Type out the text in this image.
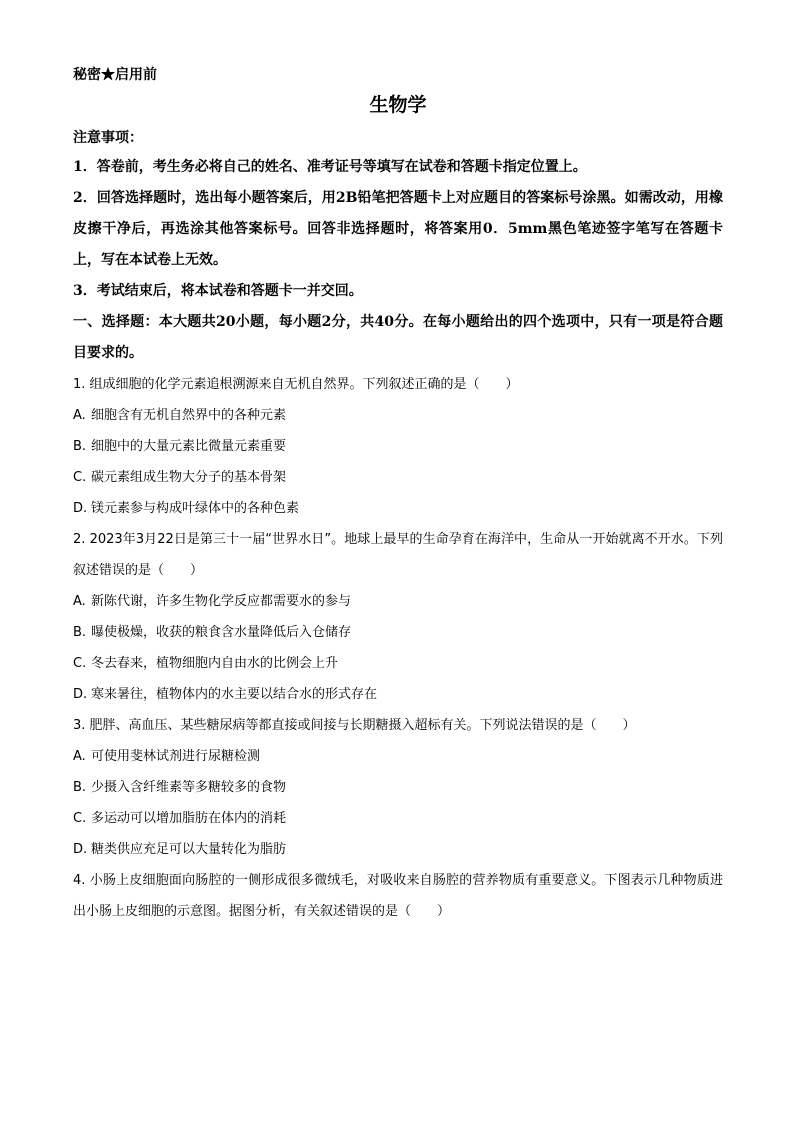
秘密★启用前
生物学
注意事项：
1．答卷前，考生务必将自己的姓名、准考证号等填写在试卷和答题卡指定位置上。
2．回答选择题时，选出每小题答案后，用2B铅笔把答题卡上对应题目的答案标号涂黑。如需改动，用橡皮擦干净后，再选涂其他答案标号。回答非选择题时，将答案用0．5mm黑色笔迹签字笔写在答题卡上，写在本试卷上无效。
3．考试结束后，将本试卷和答题卡一并交回。
一、选择题：本大题共20小题，每小题2分，共40分。在每小题给出的四个选项中，只有一项是符合题目要求的。
1. 组成细胞的化学元素追根溯源来自无机自然界。下列叙述正确的是（　　）
A. 细胞含有无机自然界中的各种元素
B. 细胞中的大量元素比微量元素重要
C. 碳元素组成生物大分子的基本骨架
D. 镁元素参与构成叶绿体中的各种色素
2. 2023年3月22日是第三十一届“世界水日”。地球上最早的生命孕育在海洋中，生命从一开始就离不开水。下列叙述错误的是（　　）
A. 新陈代谢，许多生物化学反应都需要水的参与
B. 曝使极燥，收获的粮食含水量降低后入仓储存
C. 冬去春来，植物细胞内自由水的比例会上升
D. 寒来暑往，植物体内的水主要以结合水的形式存在
3. 肥胖、高血压、某些糖尿病等都直接或间接与长期糖摄入超标有关。下列说法错误的是（　　）
A. 可使用斐林试剂进行尿糖检测
B. 少摄入含纤维素等多糖较多的食物
C. 多运动可以增加脂肪在体内的消耗
D. 糖类供应充足可以大量转化为脂肪
4. 小肠上皮细胞面向肠腔的一侧形成很多微绒毛，对吸收来自肠腔的营养物质有重要意义。下图表示几种物质进出小肠上皮细胞的示意图。据图分析，有关叙述错误的是（　　）
